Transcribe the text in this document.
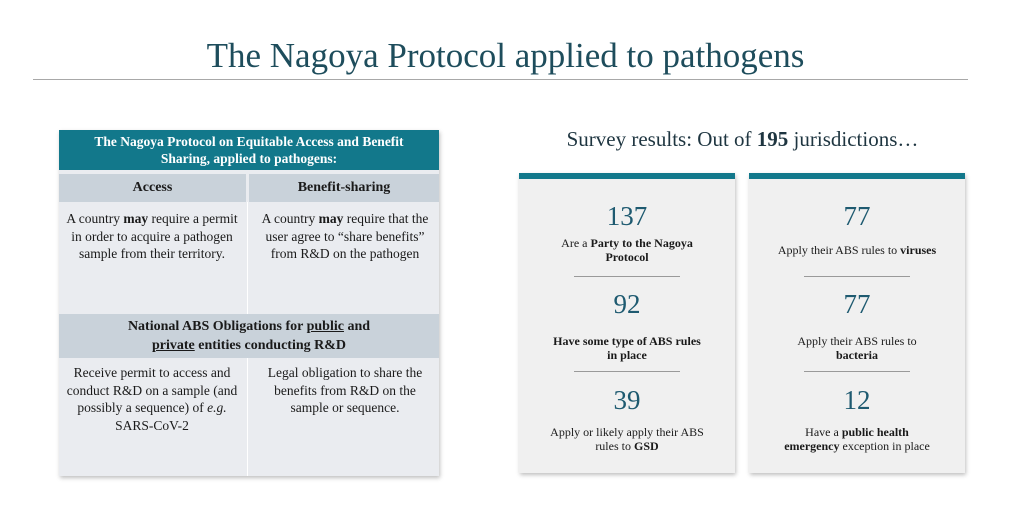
The Nagoya Protocol applied to pathogens
The Nagoya Protocol on Equitable Access and Benefit
Sharing, applied to pathogens:
Access	Benefit-sharing
A country may require a permit in order to acquire a pathogen sample from their territory.
A country may require that the user agree to “share benefits” from R&D on the pathogen
National ABS Obligations for public and
private entities conducting R&D
Receive permit to access and conduct R&D on a sample (and possibly a sequence) of e.g. SARS-CoV-2
Legal obligation to share the benefits from R&D on the sample or sequence.
Survey results: Out of 195 jurisdictions…
137
Are a Party to the Nagoya
Protocol
92
Have some type of ABS rules
in place
39
Apply or likely apply their ABS
rules to GSD
77
Apply their ABS rules to viruses
77
Apply their ABS rules to
bacteria
12
Have a public health
emergency exception in place
